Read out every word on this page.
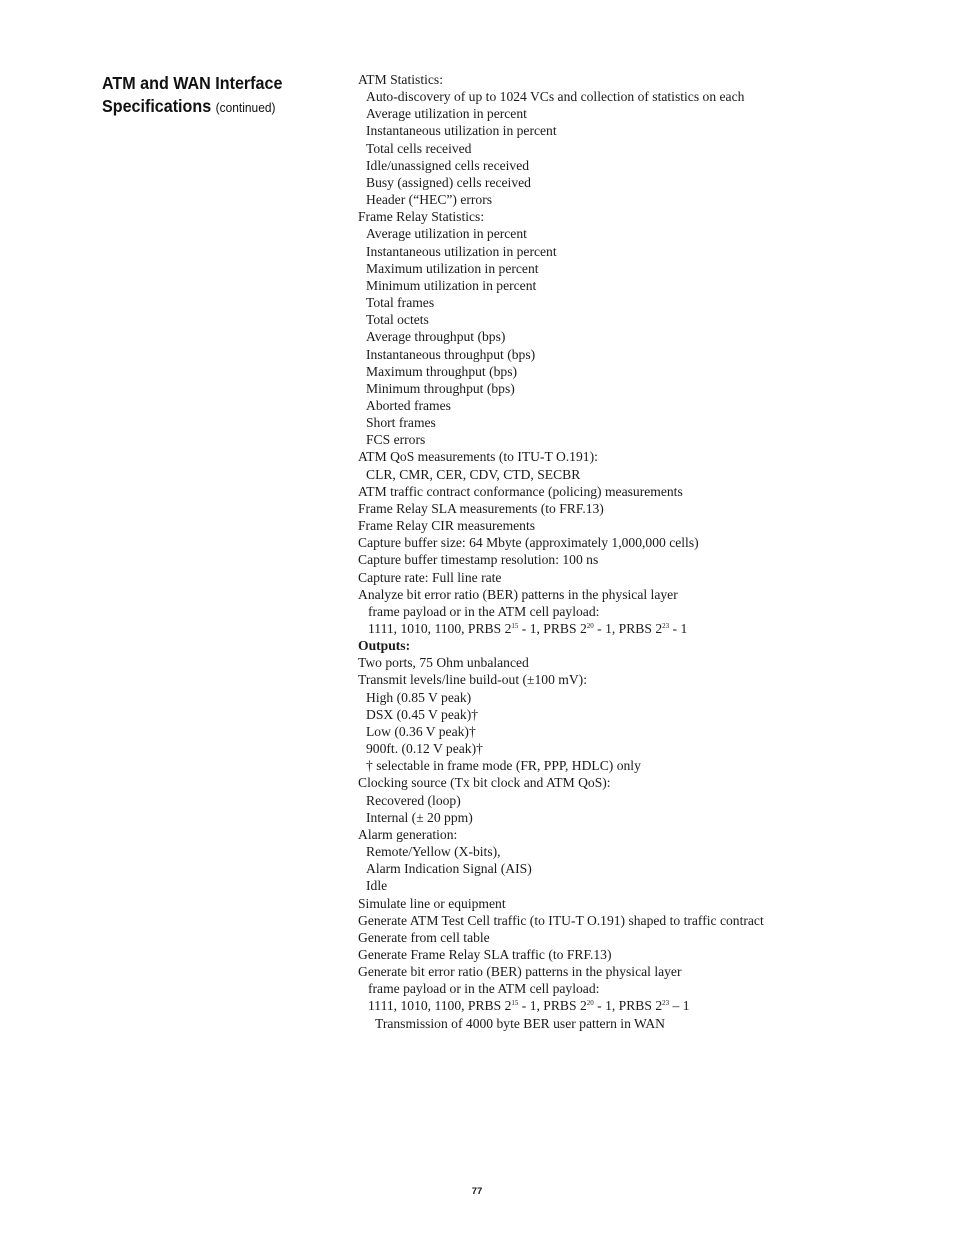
ATM and WAN Interface
Specifications (continued)
ATM Statistics:
Auto-discovery of up to 1024 VCs and collection of statistics on each
Average utilization in percent
Instantaneous utilization in percent
Total cells received
Idle/unassigned cells received
Busy (assigned) cells received
Header (“HEC”) errors
Frame Relay Statistics:
Average utilization in percent
Instantaneous utilization in percent
Maximum utilization in percent
Minimum utilization in percent
Total frames
Total octets
Average throughput (bps)
Instantaneous throughput (bps)
Maximum throughput (bps)
Minimum throughput (bps)
Aborted frames
Short frames
FCS errors
ATM QoS measurements (to ITU-T O.191):
CLR, CMR, CER, CDV, CTD, SECBR
ATM traffic contract conformance (policing) measurements
Frame Relay SLA measurements (to FRF.13)
Frame Relay CIR measurements
Capture buffer size: 64 Mbyte (approximately 1,000,000 cells)
Capture buffer timestamp resolution: 100 ns
Capture rate: Full line rate
Analyze bit error ratio (BER) patterns in the physical layer
frame payload or in the ATM cell payload:
1111, 1010, 1100, PRBS $2^{15} - 1$, PRBS $2^{20} - 1$, PRBS $2^{23} - 1$
Outputs:
Two ports, 75 Ohm unbalanced
Transmit levels/line build-out (±100 mV):
High (0.85 V peak)
DSX (0.45 V peak)†
Low (0.36 V peak)†
900ft. (0.12 V peak)†
† selectable in frame mode (FR, PPP, HDLC) only
Clocking source (Tx bit clock and ATM QoS):
Recovered (loop)
Internal (± 20 ppm)
Alarm generation:
Remote/Yellow (X-bits),
Alarm Indication Signal (AIS)
Idle
Simulate line or equipment
Generate ATM Test Cell traffic (to ITU-T O.191) shaped to traffic contract
Generate from cell table
Generate Frame Relay SLA traffic (to FRF.13)
Generate bit error ratio (BER) patterns in the physical layer
frame payload or in the ATM cell payload:
1111, 1010, 1100, PRBS $2^{15} - 1$, PRBS $2^{20} - 1$, PRBS $2^{23} - 1$
Transmission of 4000 byte BER user pattern in WAN
77
